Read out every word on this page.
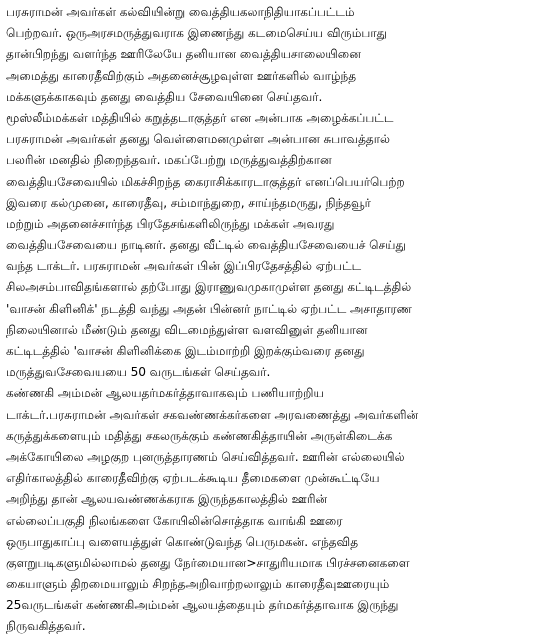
பரசுராமன் அவர்கள் கல்வியின்று வைத்தியகலாநிதியாகப்பட்டம்
பெற்றவர். ஒருஅரசமருத்துவராக இணைந்து கடமைசெய்ய விரும்பாது
தான்பிறந்து வளர்ந்த ஊரிலேயே தனியான வைத்தியசாலையினை
அமைத்து காரைதீவிற்கும் அதனைச்சூழவுள்ள ஊர்களில் வாழ்ந்த
மக்களுக்காகவும் தனது வைத்திய சேவையினை செய்தவர்.
மூஸ்லீம்மக்கள் மத்தியில் கறுத்தடாகுத்தர் என அன்பாக அழைக்கப்பட்ட
பரசுராமன் அவர்கள் தனது வெள்ளைமனமுள்ள அன்பான சுபாவத்தால்
பலரின் மனதில் நிறைந்தவர். மகப்பேற்று மருத்துவத்திற்கான
வைத்தியசேவையில் மிகச்சிறந்த கைராசிக்காரடாகுத்தர் எனப்பெயர்பெற்ற
இவரை கல்முனை, காரைதீவு, சம்மாந்துறை, சாய்ந்தமருது, நிந்தவூர்
மற்றும் அதனைச்சார்ந்த பிரதேசங்களிலிருந்து மக்கள் அவரது
வைத்தியசேவையை நாடினர். தனது வீட்டில் வைத்தியசேவையைச் செய்து
வந்த டாக்டர். பரசுராமன் அவர்கள் பின் இப்பிரதேசத்தில் ஏற்பட்ட
சிலஅசம்பாவிதங்களால் தற்போது இராணுவமுகாமுள்ள தனது கட்டிடத்தில்
'வாசன் கிளினிக்' நடத்தி வந்து அதன் பின்னர் நாட்டில் ஏற்பட்ட அசாதாரண
நிலையினால் மீண்டும் தனது விடமைந்துள்ள வளவினுள் தனியான
கட்டிடத்தில் 'வாசன் கிளினிக்கை இடம்மாற்றி இறக்கும்வரை தனது
மருத்துவசேவையயை 50 வருடங்கள் செய்தவர்.
கண்ணகி அம்மன் ஆலயதர்மகர்த்தாவாகவும் பணியாற்றிய
டாக்டர்.பரசுராமன் அவர்கள் சகவண்ணக்கர்களை அரவணைத்து அவர்களின்
கருத்துக்களையும் மதித்து சகலருக்கும் கண்ணகித்தாயின் அருள்கிடைக்க
அக்கோயிலை அழகுற புனருத்தாரணம் செய்வித்தவர். ஊரின் எல்லையில்
எதிர்காலத்தில் காரைதீவிற்கு ஏற்படக்கூடிய தீமைகளை முன்கூட்டியே
அறிந்து தான் ஆலயவண்ணக்கராக இருந்தகாலத்தில் ஊரின்
எல்லைப்பகுதி நிலங்களை கோயிலின்சொத்தாக வாங்கி ஊரை
ஒருபாதுகாப்பு வளையத்துள் கொண்டுவந்த பெருமகன். எந்தவித
குளறுபடிகளுமில்லாமல் தனது நேர்மையான>சாதுரியமாக பிரச்சனைகளை
கையாளும் திறமையாலும் சிறந்தஅறிவாற்றலாலும் காரைதீவுஊரையும்
25வருடங்கள் கண்ணகிஅம்மன் ஆலயத்தையும் தர்மகர்த்தாவாக இருந்து
நிருவகித்தவர்.
